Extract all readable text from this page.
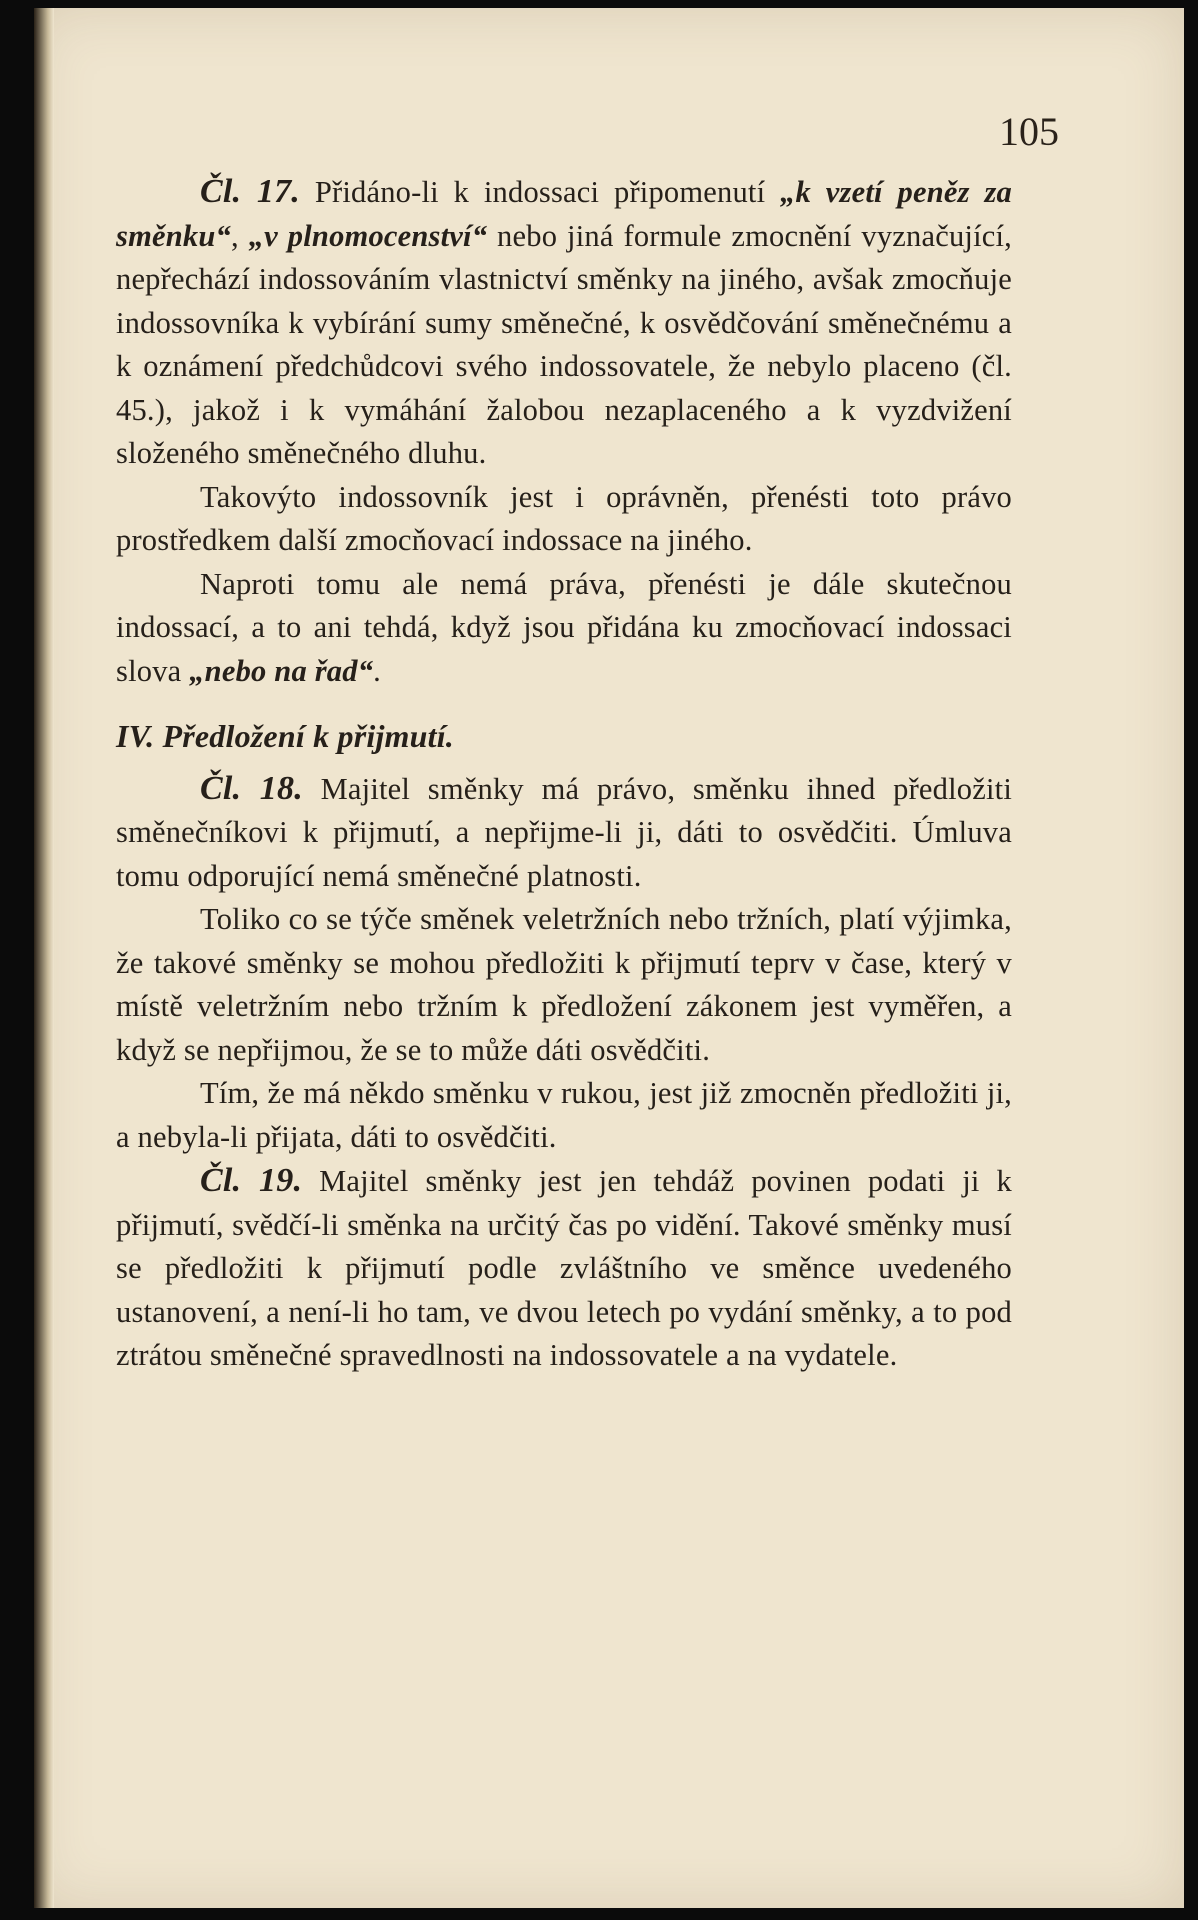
105

Čl. 17. Přidáno-li k indossaci připomenutí „k vzetí peněz za směnku“, „v plnomocenství“ nebo jiná formule zmocnění vyznačující, nepřechází indossováním vlastnictví směnky na jiného, avšak zmocňuje indossovníka k vybírání sumy směnečné, k osvědčování směnečnému a k oznámení předchůdcovi svého indossovatele, že nebylo placeno (čl. 45.), jakož i k vymáhání žalobou nezaplaceného a k vyzdvižení složeného směnečného dluhu.

Takovýto indossovník jest i oprávněn, přenésti toto právo prostředkem další zmocňovací indossace na jiného.

Naproti tomu ale nemá práva, přenésti je dále skutečnou indossací, a to ani tehdá, když jsou přidána ku zmocňovací indossaci slova „nebo na řad“.

IV. Předložení k přijmutí.

Čl. 18. Majitel směnky má právo, směnku ihned předložiti směnečníkovi k přijmutí, a nepřijme-li ji, dáti to osvědčiti. Úmluva tomu odporující nemá směnečné platnosti.

Toliko co se týče směnek veletržních nebo tržních, platí výjimka, že takové směnky se mohou předložiti k přijmutí teprv v čase, který v místě veletržním nebo tržním k předložení zákonem jest vyměřen, a když se nepřijmou, že se to může dáti osvědčiti.

Tím, že má někdo směnku v rukou, jest již zmocněn předložiti ji, a nebyla-li přijata, dáti to osvědčiti.

Čl. 19. Majitel směnky jest jen tehdáž povinen podati ji k přijmutí, svědčí-li směnka na určitý čas po vidění. Takové směnky musí se předložiti k přijmutí podle zvláštního ve směnce uvedeného ustanovení, a není-li ho tam, ve dvou letech po vydání směnky, a to pod ztrátou směnečné spravedlnosti na indossovatele a na vydatele.
